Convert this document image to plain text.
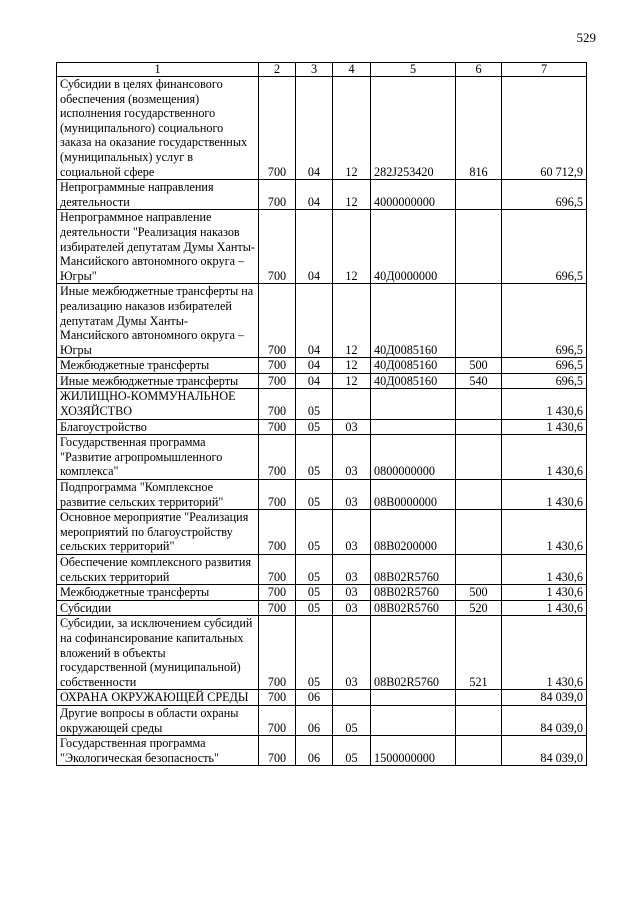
529
1	2	3	4	5	6	7
Субсидии в целях финансового обеспечения (возмещения) исполнения государственного (муниципального) социального заказа на оказание государственных (муниципальных) услуг в социальной сфере	700	04	12	282J253420	816	60 712,9
Непрограммные направления деятельности	700	04	12	4000000000		696,5
Непрограммное направление деятельности "Реализация наказов избирателей депутатам Думы Ханты-Мансийского автономного округа – Югры"	700	04	12	40Д0000000		696,5
Иные межбюджетные трансферты на реализацию наказов избирателей депутатам Думы Ханты-Мансийского автономного округа – Югры	700	04	12	40Д0085160		696,5
Межбюджетные трансферты	700	04	12	40Д0085160	500	696,5
Иные межбюджетные трансферты	700	04	12	40Д0085160	540	696,5
ЖИЛИЩНО-КОММУНАЛЬНОЕ ХОЗЯЙСТВО	700	05				1 430,6
Благоустройство	700	05	03			1 430,6
Государственная программа "Развитие агропромышленного комплекса"	700	05	03	0800000000		1 430,6
Подпрограмма "Комплексное развитие сельских территорий"	700	05	03	08В0000000		1 430,6
Основное мероприятие "Реализация мероприятий по благоустройству сельских территорий"	700	05	03	08В0200000		1 430,6
Обеспечение комплексного развития сельских территорий	700	05	03	08В02R5760		1 430,6
Межбюджетные трансферты	700	05	03	08В02R5760	500	1 430,6
Субсидии	700	05	03	08В02R5760	520	1 430,6
Субсидии, за исключением субсидий на софинансирование капитальных вложений в объекты государственной (муниципальной) собственности	700	05	03	08В02R5760	521	1 430,6
ОХРАНА ОКРУЖАЮЩЕЙ СРЕДЫ	700	06				84 039,0
Другие вопросы в области охраны окружающей среды	700	06	05			84 039,0
Государственная программа "Экологическая безопасность"	700	06	05	1500000000		84 039,0
